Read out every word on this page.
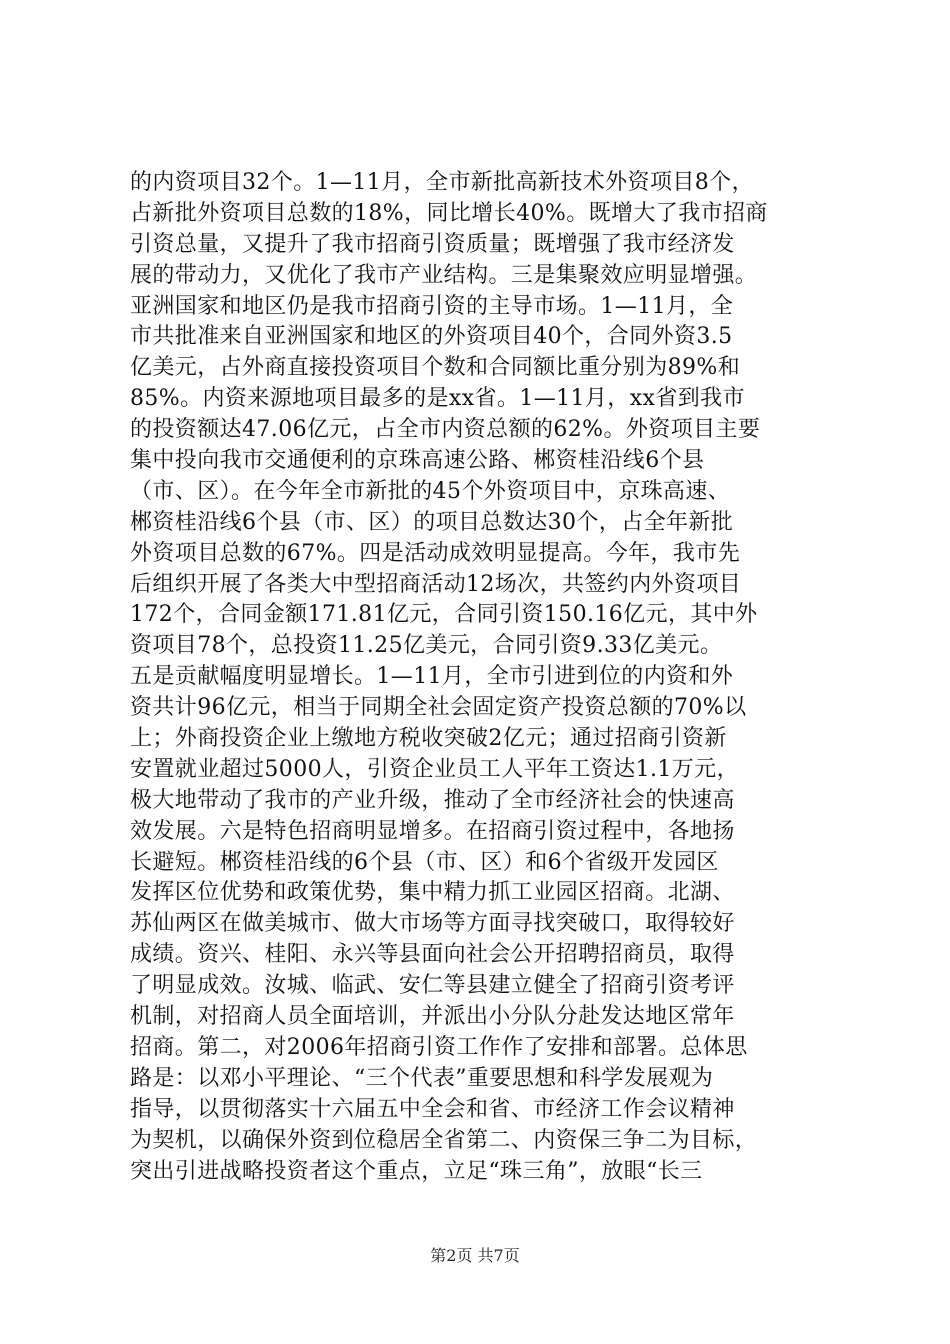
的内资项目32个。1—11月，全市新批高新技术外资项目8个，
占新批外资项目总数的18%，同比增长40%。既增大了我市招商
引资总量，又提升了我市招商引资质量；既增强了我市经济发
展的带动力，又优化了我市产业结构。三是集聚效应明显增强。
亚洲国家和地区仍是我市招商引资的主导市场。1—11月，全
市共批准来自亚洲国家和地区的外资项目40个，合同外资3.5
亿美元，占外商直接投资项目个数和合同额比重分别为89%和
85%。内资来源地项目最多的是xx省。1—11月，xx省到我市
的投资额达47.06亿元，占全市内资总额的62%。外资项目主要
集中投向我市交通便利的京珠高速公路、郴资桂沿线6个县
（市、区）。在今年全市新批的45个外资项目中，京珠高速、
郴资桂沿线6个县（市、区）的项目总数达30个，占全年新批
外资项目总数的67%。四是活动成效明显提高。今年，我市先
后组织开展了各类大中型招商活动12场次，共签约内外资项目
172个，合同金额171.81亿元，合同引资150.16亿元，其中外
资项目78个，总投资11.25亿美元，合同引资9.33亿美元。
五是贡献幅度明显增长。1—11月，全市引进到位的内资和外
资共计96亿元，相当于同期全社会固定资产投资总额的70%以
上；外商投资企业上缴地方税收突破2亿元；通过招商引资新
安置就业超过5000人，引资企业员工人平年工资达1.1万元，
极大地带动了我市的产业升级，推动了全市经济社会的快速高
效发展。六是特色招商明显增多。在招商引资过程中，各地扬
长避短。郴资桂沿线的6个县（市、区）和6个省级开发园区
发挥区位优势和政策优势，集中精力抓工业园区招商。北湖、
苏仙两区在做美城市、做大市场等方面寻找突破口，取得较好
成绩。资兴、桂阳、永兴等县面向社会公开招聘招商员，取得
了明显成效。汝城、临武、安仁等县建立健全了招商引资考评
机制，对招商人员全面培训，并派出小分队分赴发达地区常年
招商。第二，对2006年招商引资工作作了安排和部署。总体思
路是：以邓小平理论、“三个代表”重要思想和科学发展观为
指导，以贯彻落实十六届五中全会和省、市经济工作会议精神
为契机，以确保外资到位稳居全省第二、内资保三争二为目标，
突出引进战略投资者这个重点，立足“珠三角”，放眼“长三
第2页 共7页
